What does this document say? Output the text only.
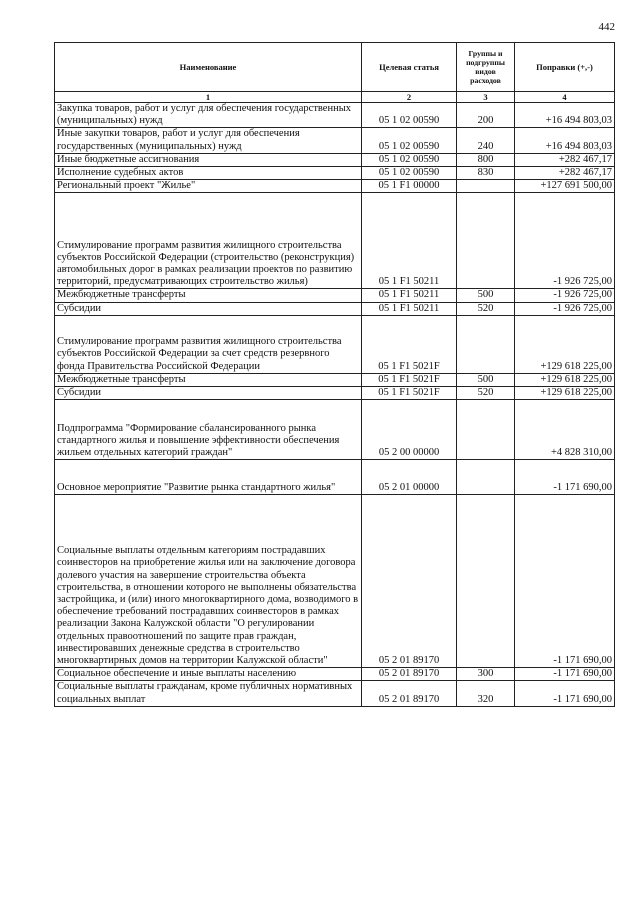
442
Наименование	Целевая статья	Группы и подгруппы видов расходов	Поправки (+,-)
1	2	3	4
Закупка товаров, работ и услуг для обеспечения государственных (муниципальных) нужд	05 1 02 00590	200	+16 494 803,03
Иные закупки товаров, работ и услуг для обеспечения государственных (муниципальных) нужд	05 1 02 00590	240	+16 494 803,03
Иные бюджетные ассигнования	05 1 02 00590	800	+282 467,17
Исполнение судебных актов	05 1 02 00590	830	+282 467,17
Региональный проект "Жилье"	05 1 F1 00000		+127 691 500,00
Стимулирование программ развития жилищного строительства субъектов Российской Федерации (строительство (реконструкция) автомобильных дорог в рамках реализации проектов по развитию территорий, предусматривающих строительство жилья)	05 1 F1 50211		-1 926 725,00
Межбюджетные трансферты	05 1 F1 50211	500	-1 926 725,00
Субсидии	05 1 F1 50211	520	-1 926 725,00
Стимулирование программ развития жилищного строительства субъектов Российской Федерации за счет средств резервного фонда Правительства Российской Федерации	05 1 F1 5021F		+129 618 225,00
Межбюджетные трансферты	05 1 F1 5021F	500	+129 618 225,00
Субсидии	05 1 F1 5021F	520	+129 618 225,00
Подпрограмма "Формирование сбалансированного рынка стандартного жилья и повышение эффективности обеспечения жильем отдельных категорий граждан"	05 2 00 00000		+4 828 310,00
Основное мероприятие "Развитие рынка стандартного жилья"	05 2 01 00000		-1 171 690,00
Социальные выплаты отдельным категориям пострадавших соинвесторов на приобретение жилья или на заключение договора долевого участия на завершение строительства объекта строительства, в отношении которого не выполнены обязательства застройщика, и (или) иного многоквартирного дома, возводимого в обеспечение требований пострадавших соинвесторов в рамках реализации Закона Калужской области "О регулировании отдельных правоотношений по защите прав граждан, инвестировавших денежные средства в строительство многоквартирных домов на территории Калужской области"	05 2 01 89170		-1 171 690,00
Социальное обеспечение и иные выплаты населению	05 2 01 89170	300	-1 171 690,00
Социальные выплаты гражданам, кроме публичных нормативных социальных выплат	05 2 01 89170	320	-1 171 690,00
